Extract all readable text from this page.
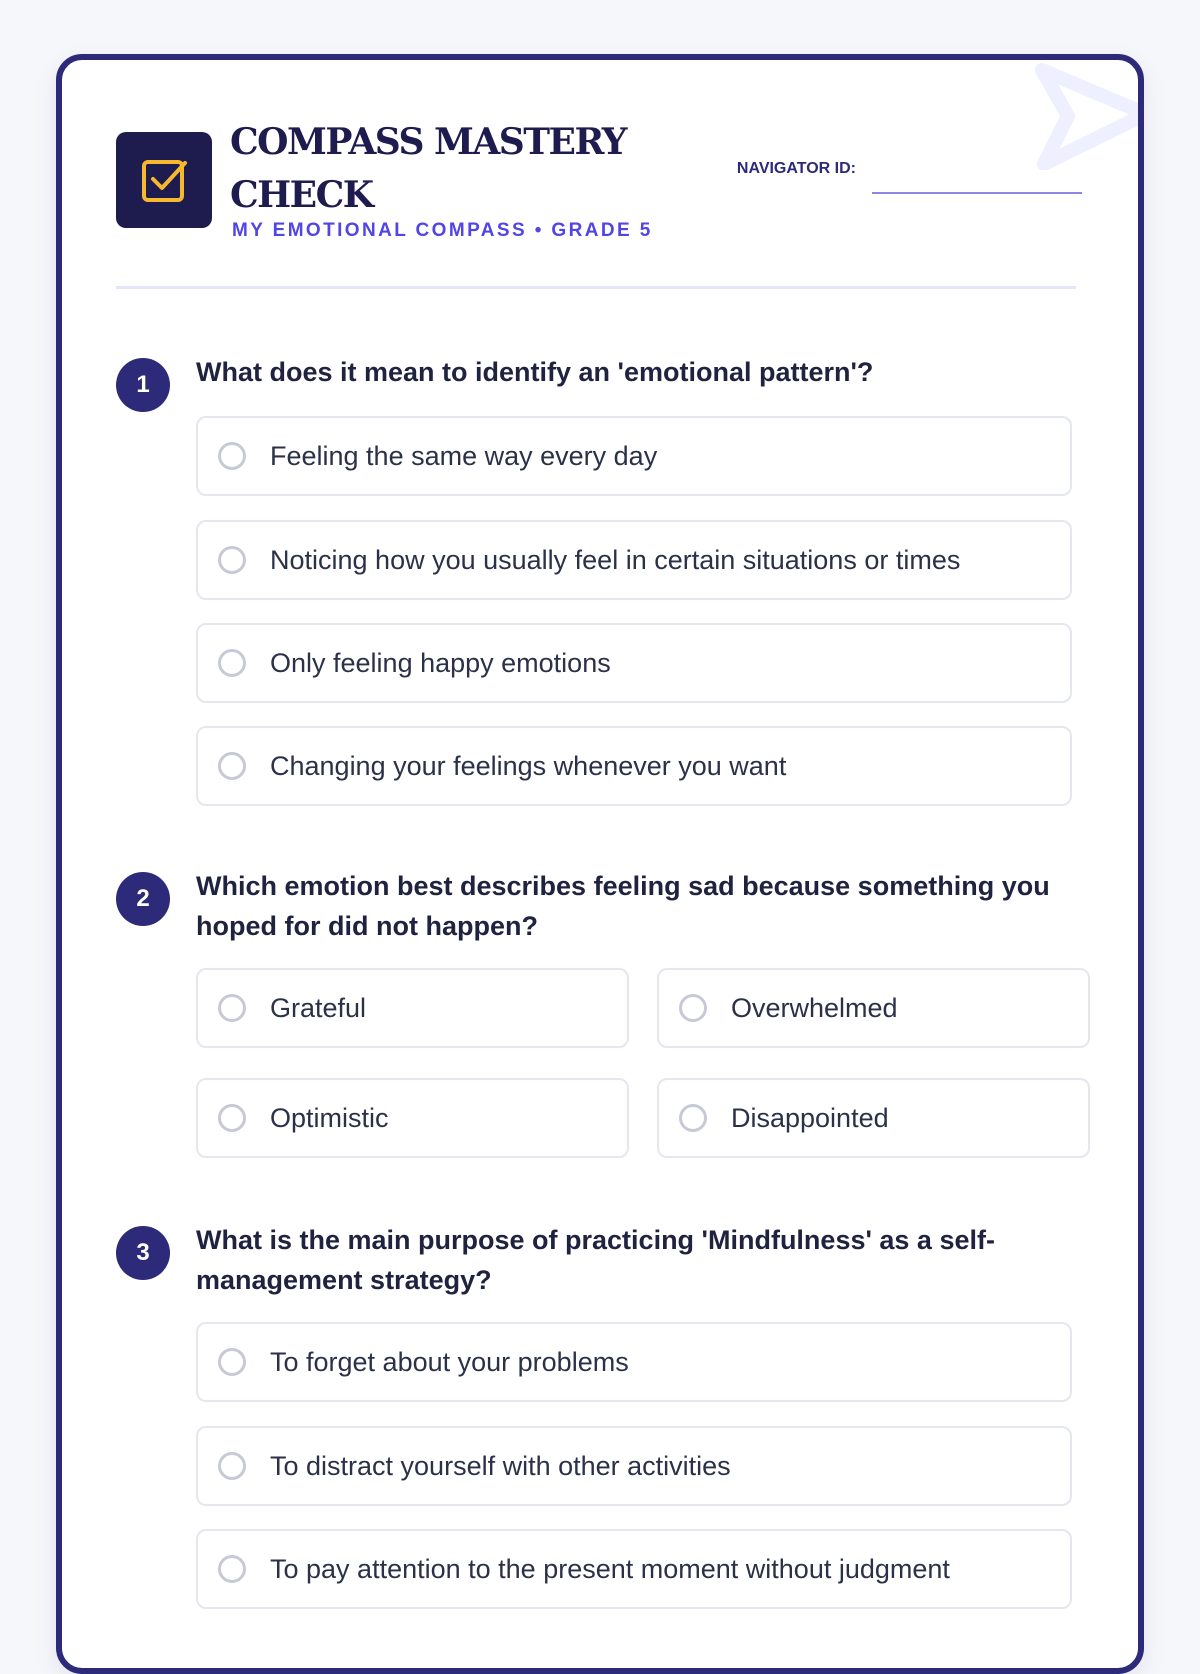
COMPASS MASTERY CHECK
MY EMOTIONAL COMPASS • GRADE 5
NAVIGATOR ID:
1	What does it mean to identify an 'emotional pattern'?

Feeling the same way every day
Noticing how you usually feel in certain situations or times
Only feeling happy emotions
Changing your feelings whenever you want
2	Which emotion best describes feeling sad because something you hoped for did not happen?

Grateful	Overwhelmed
Optimistic	Disappointed
3	What is the main purpose of practicing 'Mindfulness' as a self-management strategy?

To forget about your problems
To distract yourself with other activities
To pay attention to the present moment without judgment
